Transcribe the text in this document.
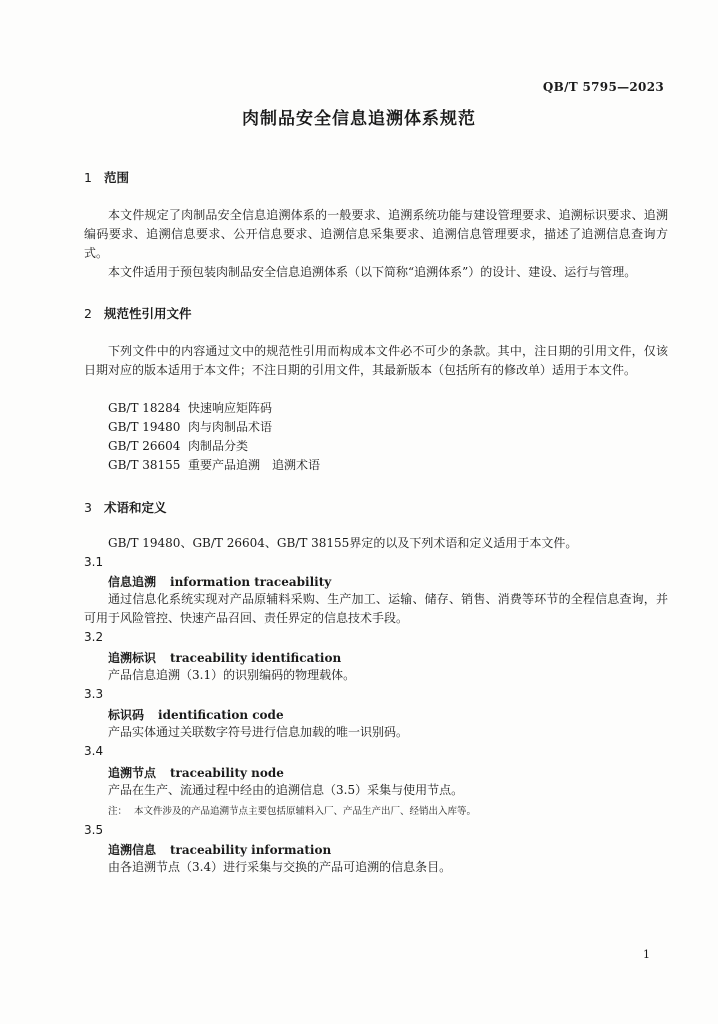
QB/T 5795—2023
肉制品安全信息追溯体系规范
1 范围
本文件规定了肉制品安全信息追溯体系的一般要求、追溯系统功能与建设管理要求、追溯标识要求、追溯编码要求、追溯信息要求、公开信息要求、追溯信息采集要求、追溯信息管理要求，描述了追溯信息查询方式。
本文件适用于预包装肉制品安全信息追溯体系（以下简称“追溯体系”）的设计、建设、运行与管理。
2 规范性引用文件
下列文件中的内容通过文中的规范性引用而构成本文件必不可少的条款。其中，注日期的引用文件，仅该日期对应的版本适用于本文件；不注日期的引用文件，其最新版本（包括所有的修改单）适用于本文件。
GB/T 18284 快速响应矩阵码
GB/T 19480 肉与肉制品术语
GB/T 26604 肉制品分类
GB/T 38155 重要产品追溯　追溯术语
3 术语和定义
GB/T 19480、GB/T 26604、GB/T 38155界定的以及下列术语和定义适用于本文件。
3.1
信息追溯 information traceability
通过信息化系统实现对产品原辅料采购、生产加工、运输、储存、销售、消费等环节的全程信息查询，并可用于风险管控、快速产品召回、责任界定的信息技术手段。
3.2
追溯标识 traceability identification
产品信息追溯（3.1）的识别编码的物理载体。
3.3
标识码 identification code
产品实体通过关联数字符号进行信息加载的唯一识别码。
3.4
追溯节点 traceability node
产品在生产、流通过程中经由的追溯信息（3.5）采集与使用节点。
注： 本文件涉及的产品追溯节点主要包括原辅料入厂、产品生产出厂、经销出入库等。
3.5
追溯信息 traceability information
由各追溯节点（3.4）进行采集与交换的产品可追溯的信息条目。
1
